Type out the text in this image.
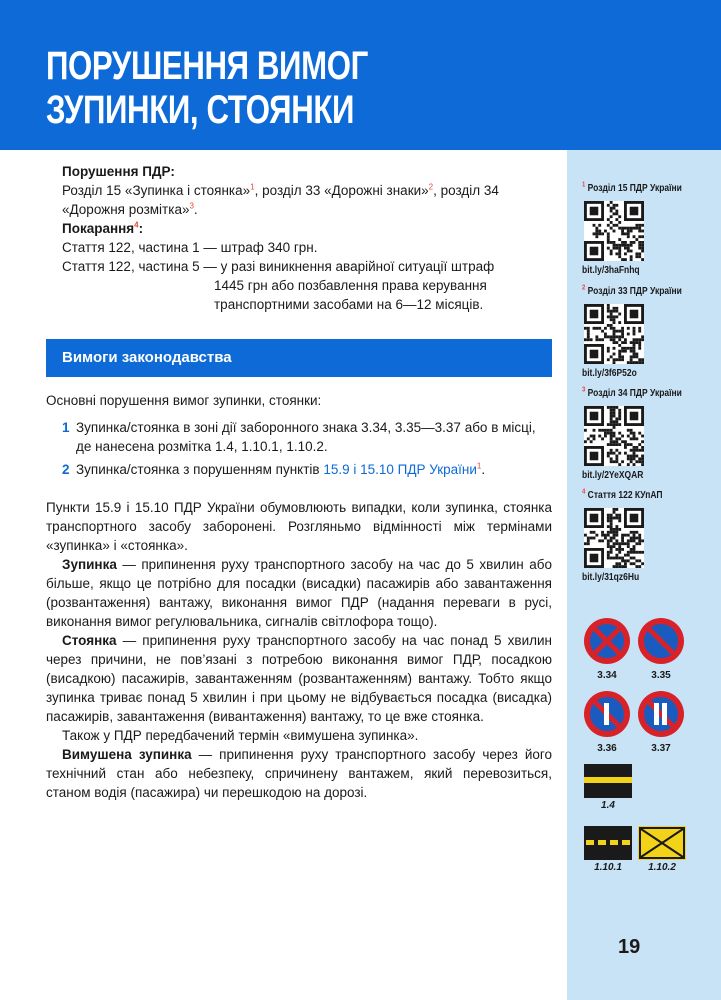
ПОРУШЕННЯ ВИМОГ
ЗУПИНКИ, СТОЯНКИ
Порушення ПДР:
Розділ 15 «Зупинка і стоянка»$^1$, розділ 33 «Дорожні знаки»$^2$, розділ 34 «Дорожня розмітка»$^3$.
Покарання$^4$:
Стаття 122, частина 1 — штраф 340 грн.
Стаття 122, частина 5 — у разі виникнення аварійної ситуації штраф
1445 грн або позбавлення права керування
транспортними засобами на 6—12 місяців.
Вимоги законодавства
Основні порушення вимог зупинки, стоянки:
1 Зупинка/стоянка в зоні дії заборонного знака 3.34, 3.35—3.37 або в місці, де нанесена розмітка 1.4, 1.10.1, 1.10.2.
2 Зупинка/стоянка з порушенням пунктів 15.9 і 15.10 ПДР України$^1$.

Пункти 15.9 і 15.10 ПДР України обумовлюють випадки, коли зупинка, стоянка транспортного засобу заборонені. Розгляньмо відмінності між термінами «зупинка» і «стоянка».

Зупинка — припинення руху транспортного засобу на час до 5 хвилин або більше, якщо це потрібно для посадки (висадки) пасажирів або завантаження (розвантаження) вантажу, виконання вимог ПДР (надання переваги в русі, виконання вимог регулювальника, сигналів світлофора тощо).

Стоянка — припинення руху транспортного засобу на час понад 5 хвилин через причини, не пов’язані з потребою виконання вимог ПДР, посадкою (висадкою) пасажирів, завантаженням (розвантаженням) вантажу. Тобто якщо зупинка триває понад 5 хвилин і при цьому не відбувається посадка (висадка) пасажирів, завантаження (вивантаження) вантажу, то це вже стоянка.

Також у ПДР передбачений термін «вимушена зупинка».

Вимушена зупинка — припинення руху транспортного засобу через його технічний стан або небезпеку, спричинену вантажем, який перевозиться, станом водія (пасажира) чи перешкодою на дорозі.

$^1$ Розділ 15 ПДР України
bit.ly/3haFnhq
$^2$ Розділ 33 ПДР України
bit.ly/3f6P52o
$^3$ Розділ 34 ПДР України
bit.ly/2YeXQAR
$^4$ Стаття 122 КУпАП
bit.ly/31qz6Hu
3.34	3.35
3.36	3.37
1.4
1.10.1	1.10.2
19
